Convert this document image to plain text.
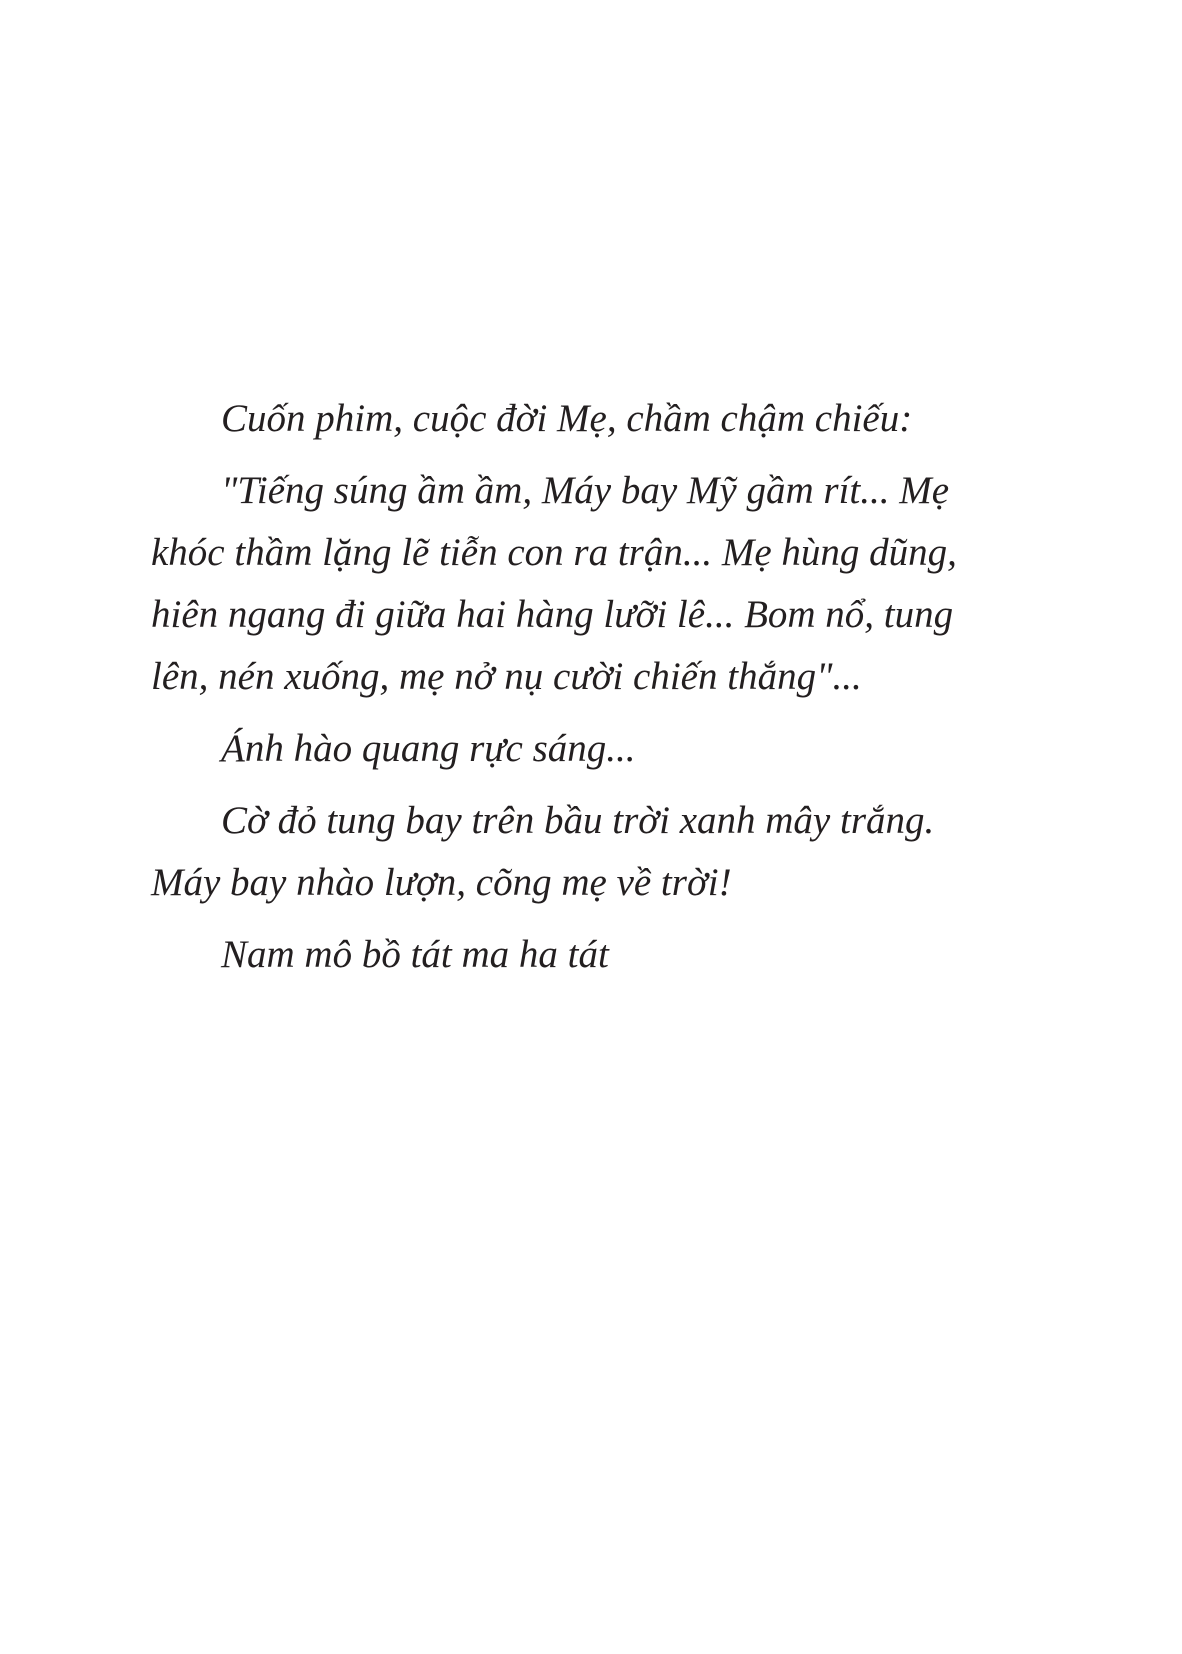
Cuốn phim, cuộc đời Mẹ, chầm chậm chiếu:

"Tiếng súng ầm ầm, Máy bay Mỹ gầm rít... Mẹ
khóc thầm lặng lẽ tiễn con ra trận... Mẹ hùng dũng,
hiên ngang đi giữa hai hàng lưỡi lê... Bom nổ, tung
lên, nén xuống, mẹ nở nụ cười chiến thắng"...

Ánh hào quang rực sáng...

Cờ đỏ tung bay trên bầu trời xanh mây trắng.
Máy bay nhào lượn, cõng mẹ về trời!

Nam mô bồ tát ma ha tát
